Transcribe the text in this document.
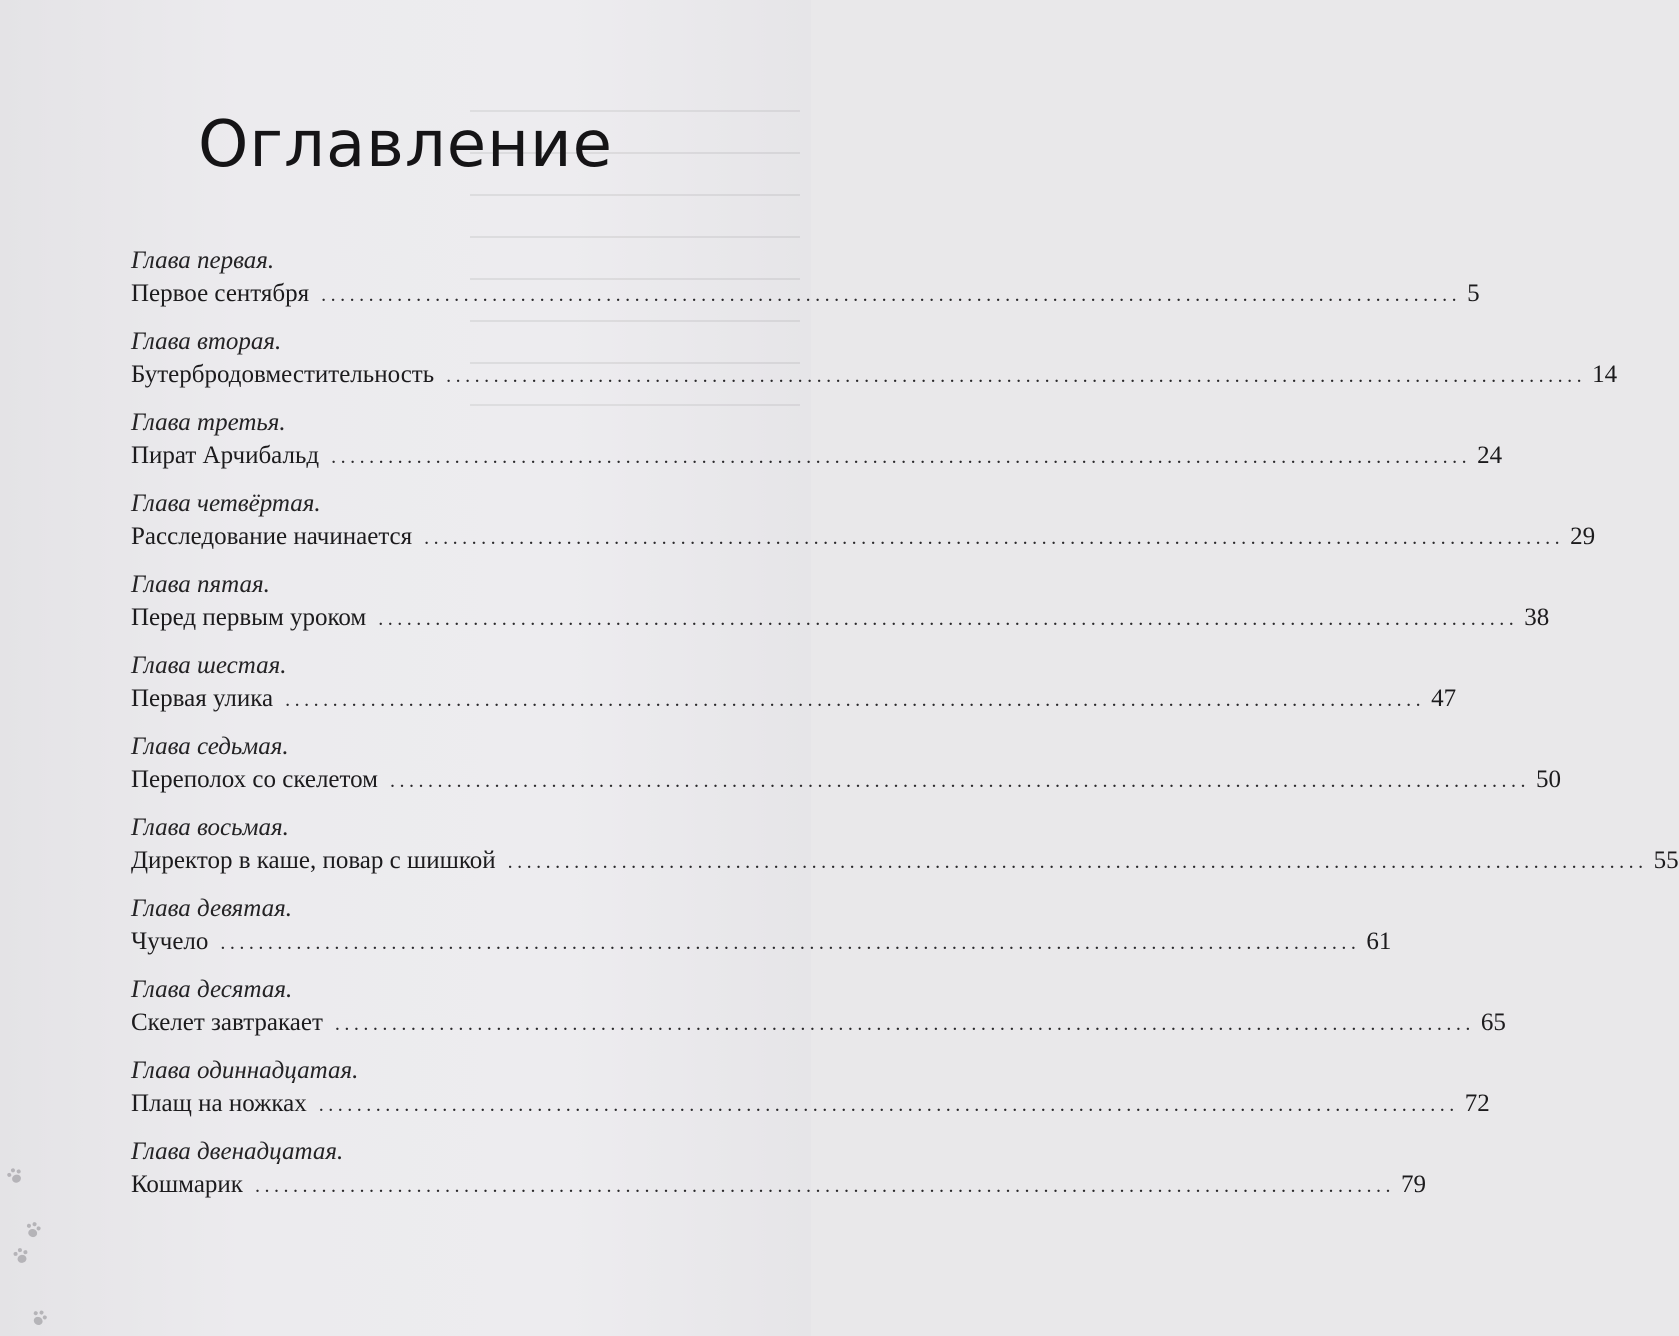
Оглавление
Глава первая.
Первое сентября ........................................................................................................................ 5
Глава вторая.
Бутербродовместительность ........................................................................................................................ 14
Глава третья.
Пират Арчибальд ........................................................................................................................ 24
Глава четвёртая.
Расследование начинается ........................................................................................................................ 29
Глава пятая.
Перед первым уроком ........................................................................................................................ 38
Глава шестая.
Первая улика ........................................................................................................................ 47
Глава седьмая.
Переполох со скелетом ........................................................................................................................ 50
Глава восьмая.
Директор в каше, повар с шишкой ........................................................................................................................ 55
Глава девятая.
Чучело ........................................................................................................................ 61
Глава десятая.
Скелет завтракает ........................................................................................................................ 65
Глава одиннадцатая.
Плащ на ножках ........................................................................................................................ 72
Глава двенадцатая.
Кошмарик ........................................................................................................................ 79
